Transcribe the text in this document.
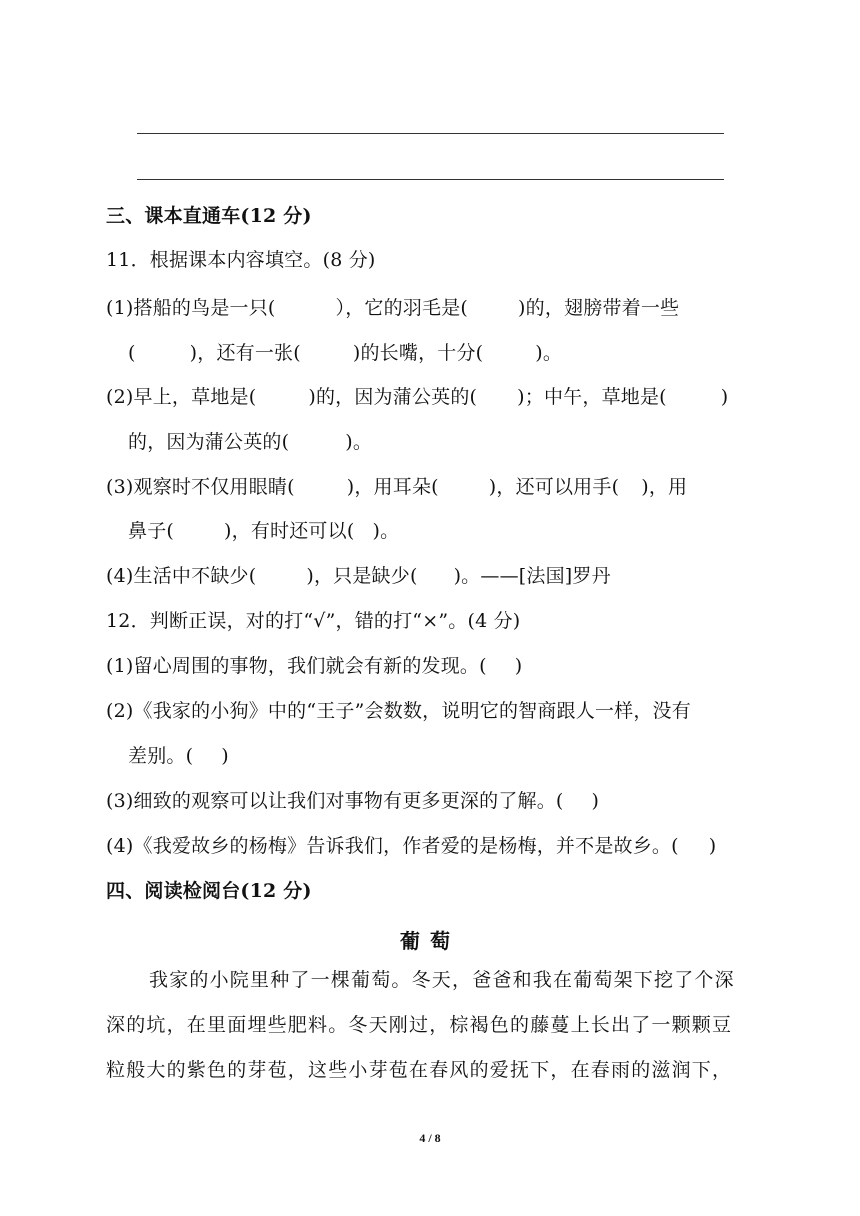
三、课本直通车(12 分)
11．根据课本内容填空。(8 分)
(1)搭船的鸟是一只(	），它的羽毛是(	)的，翅膀带着一些
(	)，还有一张(	)的长嘴，十分(	)。
(2)早上，草地是(	)的，因为蒲公英的( )；中午，草地是(	)
的，因为蒲公英的(	)。
(3)观察时不仅用眼睛(	)，用耳朵(	)，还可以用手( )，用
鼻子(	)，有时还可以( )。
(4)生活中不缺少(	)，只是缺少( )。——[法国]罗丹
12．判断正误，对的打“√”，错的打“×”。(4 分)
(1)留心周围的事物，我们就会有新的发现。( )
(2)《我家的小狗》中的“王子”会数数，说明它的智商跟人一样，没有
差别。( )
(3)细致的观察可以让我们对事物有更多更深的了解。( )
(4)《我爱故乡的杨梅》告诉我们，作者爱的是杨梅，并不是故乡。( )
四、阅读检阅台(12 分)
葡萄
我家的小院里种了一棵葡萄。冬天，爸爸和我在葡萄架下挖了个深
深的坑，在里面埋些肥料。冬天刚过，棕褐色的藤蔓上长出了一颗颗豆
粒般大的紫色的芽苞，这些小芽苞在春风的爱抚下，在春雨的滋润下，
4 / 8
